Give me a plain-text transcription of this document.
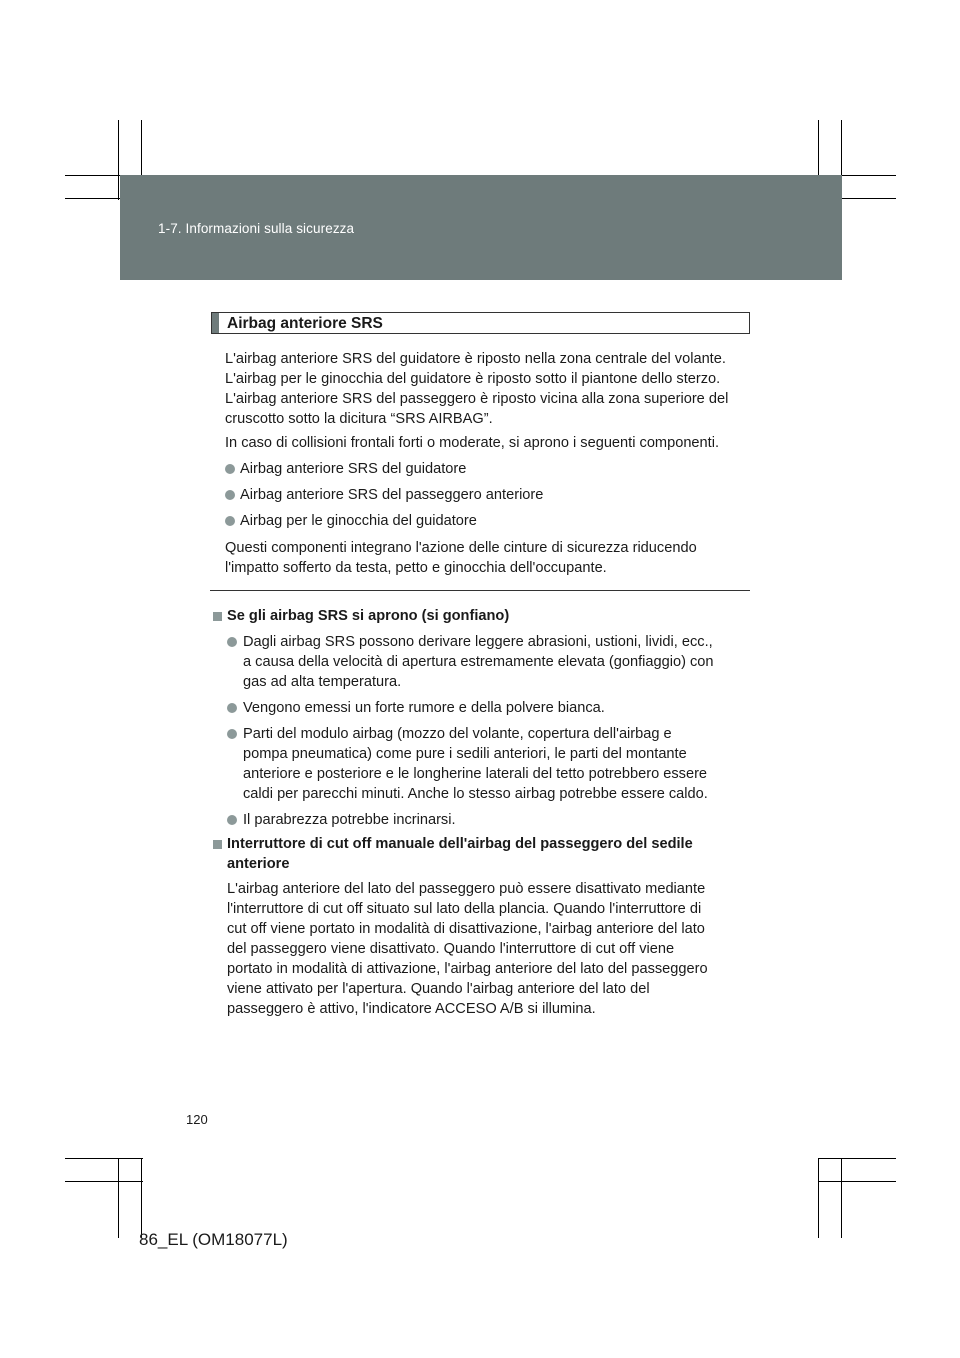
1-7. Informazioni sulla sicurezza
Airbag anteriore SRS
L'airbag anteriore SRS del guidatore è riposto nella zona centrale del volante.
L'airbag per le ginocchia del guidatore è riposto sotto il piantone dello sterzo.
L'airbag anteriore SRS del passeggero è riposto vicina alla zona superiore del
cruscotto sotto la dicitura “SRS AIRBAG”.
In caso di collisioni frontali forti o moderate, si aprono i seguenti componenti.
Airbag anteriore SRS del guidatore
Airbag anteriore SRS del passeggero anteriore
Airbag per le ginocchia del guidatore
Questi componenti integrano l'azione delle cinture di sicurezza riducendo
l'impatto sofferto da testa, petto e ginocchia dell'occupante.
Se gli airbag SRS si aprono (si gonfiano)
Dagli airbag SRS possono derivare leggere abrasioni, ustioni, lividi, ecc.,
a causa della velocità di apertura estremamente elevata (gonfiaggio) con
gas ad alta temperatura.
Vengono emessi un forte rumore e della polvere bianca.
Parti del modulo airbag (mozzo del volante, copertura dell'airbag e
pompa pneumatica) come pure i sedili anteriori, le parti del montante
anteriore e posteriore e le longherine laterali del tetto potrebbero essere
caldi per parecchi minuti. Anche lo stesso airbag potrebbe essere caldo.
Il parabrezza potrebbe incrinarsi.
Interruttore di cut off manuale dell'airbag del passeggero del sedile
anteriore
L'airbag anteriore del lato del passeggero può essere disattivato mediante
l'interruttore di cut off situato sul lato della plancia. Quando l'interruttore di
cut off viene portato in modalità di disattivazione, l'airbag anteriore del lato
del passeggero viene disattivato. Quando l'interruttore di cut off viene
portato in modalità di attivazione, l'airbag anteriore del lato del passeggero
viene attivato per l'apertura. Quando l'airbag anteriore del lato del
passeggero è attivo, l'indicatore ACCESO A/B si illumina.
120
86_EL (OM18077L)
